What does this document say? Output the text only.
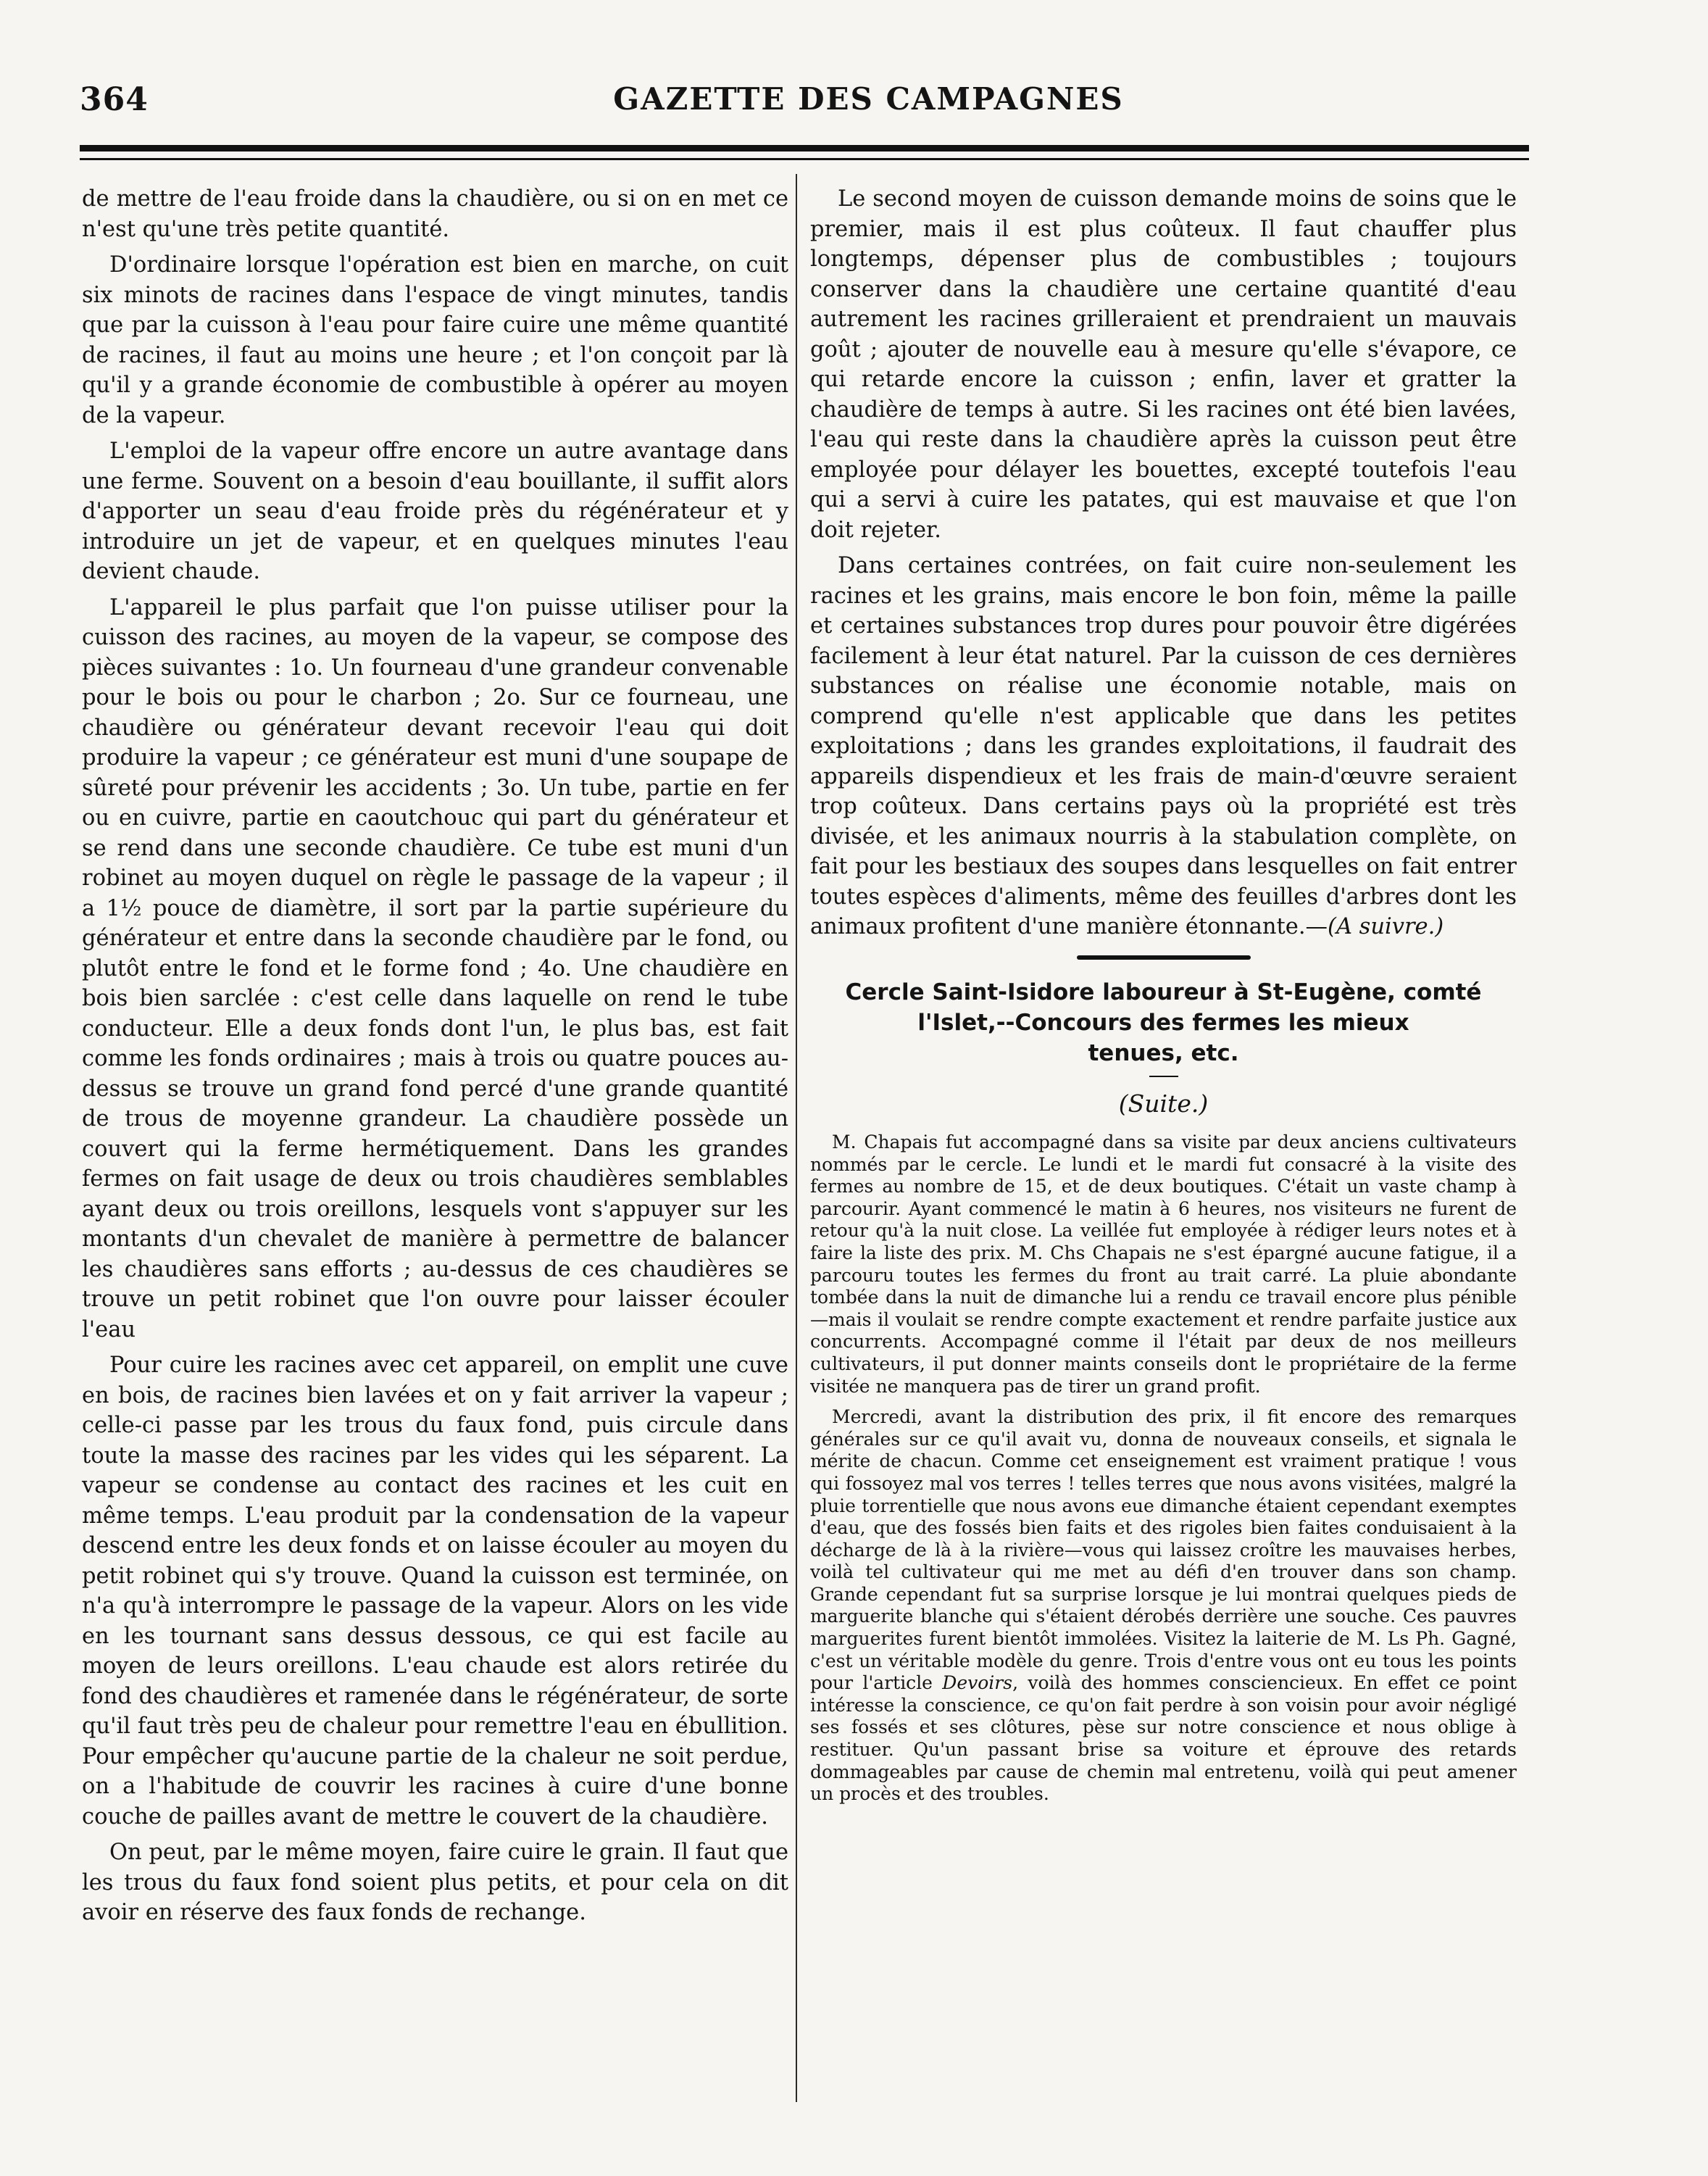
364	GAZETTE DES CAMPAGNES

de mettre de l'eau froide dans la chaudière, ou si on en met ce n'est qu'une très petite quantité.

D'ordinaire lorsque l'opération est bien en marche, on cuit six minots de racines dans l'espace de vingt minutes, tandis que par la cuisson à l'eau pour faire cuire une même quantité de racines, il faut au moins une heure ; et l'on conçoit par là qu'il y a grande économie de combustible à opérer au moyen de la vapeur.

L'emploi de la vapeur offre encore un autre avantage dans une ferme. Souvent on a besoin d'eau bouillante, il suffit alors d'apporter un seau d'eau froide près du régénérateur et y introduire un jet de vapeur, et en quelques minutes l'eau devient chaude.

L'appareil le plus parfait que l'on puisse utiliser pour la cuisson des racines, au moyen de la vapeur, se compose des pièces suivantes : 1o. Un fourneau d'une grandeur convenable pour le bois ou pour le charbon ; 2o. Sur ce fourneau, une chaudière ou générateur devant recevoir l'eau qui doit produire la vapeur ; ce générateur est muni d'une soupape de sûreté pour prévenir les accidents ; 3o. Un tube, partie en fer ou en cuivre, partie en caoutchouc qui part du générateur et se rend dans une seconde chaudière. Ce tube est muni d'un robinet au moyen duquel on règle le passage de la vapeur ; il a 1½ pouce de diamètre, il sort par la partie supérieure du générateur et entre dans la seconde chaudière par le fond, ou plutôt entre le fond et le forme fond ; 4o. Une chaudière en bois bien sarclée : c'est celle dans laquelle on rend le tube conducteur. Elle a deux fonds dont l'un, le plus bas, est fait comme les fonds ordinaires ; mais à trois ou quatre pouces au-dessus se trouve un grand fond percé d'une grande quantité de trous de moyenne grandeur. La chaudière possède un couvert qui la ferme hermétiquement. Dans les grandes fermes on fait usage de deux ou trois chaudières semblables ayant deux ou trois oreillons, lesquels vont s'appuyer sur les montants d'un chevalet de manière à permettre de balancer les chaudières sans efforts ; au-dessus de ces chaudières se trouve un petit robinet que l'on ouvre pour laisser écouler l'eau

Pour cuire les racines avec cet appareil, on emplit une cuve en bois, de racines bien lavées et on y fait arriver la vapeur ; celle-ci passe par les trous du faux fond, puis circule dans toute la masse des racines par les vides qui les séparent. La vapeur se condense au contact des racines et les cuit en même temps. L'eau produit par la condensation de la vapeur descend entre les deux fonds et on laisse écouler au moyen du petit robinet qui s'y trouve. Quand la cuisson est terminée, on n'a qu'à interrompre le passage de la vapeur. Alors on les vide en les tournant sans dessus dessous, ce qui est facile au moyen de leurs oreillons. L'eau chaude est alors retirée du fond des chaudières et ramenée dans le régénérateur, de sorte qu'il faut très peu de chaleur pour remettre l'eau en ébullition. Pour empêcher qu'aucune partie de la chaleur ne soit perdue, on a l'habitude de couvrir les racines à cuire d'une bonne couche de pailles avant de mettre le couvert de la chaudière.

On peut, par le même moyen, faire cuire le grain. Il faut que les trous du faux fond soient plus petits, et pour cela on dit avoir en réserve des faux fonds de rechange.

Le second moyen de cuisson demande moins de soins que le premier, mais il est plus coûteux. Il faut chauffer plus longtemps, dépenser plus de combustibles ; toujours conserver dans la chaudière une certaine quantité d'eau autrement les racines grilleraient et prendraient un mauvais goût ; ajouter de nouvelle eau à mesure qu'elle s'évapore, ce qui retarde encore la cuisson ; enfin, laver et gratter la chaudière de temps à autre. Si les racines ont été bien lavées, l'eau qui reste dans la chaudière après la cuisson peut être employée pour délayer les bouettes, excepté toutefois l'eau qui a servi à cuire les patates, qui est mauvaise et que l'on doit rejeter.

Dans certaines contrées, on fait cuire non-seulement les racines et les grains, mais encore le bon foin, même la paille et certaines substances trop dures pour pouvoir être digérées facilement à leur état naturel. Par la cuisson de ces dernières substances on réalise une économie notable, mais on comprend qu'elle n'est applicable que dans les petites exploitations ; dans les grandes exploitations, il faudrait des appareils dispendieux et les frais de main-d'œuvre seraient trop coûteux. Dans certains pays où la propriété est très divisée, et les animaux nourris à la stabulation complète, on fait pour les bestiaux des soupes dans lesquelles on fait entrer toutes espèces d'aliments, même des feuilles d'arbres dont les animaux profitent d'une manière étonnante.—(A suivre.)

Cercle Saint-Isidore laboureur à St-Eugène, comté
l'Islet,--Concours des fermes les mieux
tenues, etc.
(Suite.)

M. Chapais fut accompagné dans sa visite par deux anciens cultivateurs nommés par le cercle. Le lundi et le mardi fut consacré à la visite des fermes au nombre de 15, et de deux boutiques. C'était un vaste champ à parcourir. Ayant commencé le matin à 6 heures, nos visiteurs ne furent de retour qu'à la nuit close. La veillée fut employée à rédiger leurs notes et à faire la liste des prix. M. Chs Chapais ne s'est épargné aucune fatigue, il a parcouru toutes les fermes du front au trait carré. La pluie abondante tombée dans la nuit de dimanche lui a rendu ce travail encore plus pénible—mais il voulait se rendre compte exactement et rendre parfaite justice aux concurrents. Accompagné comme il l'était par deux de nos meilleurs cultivateurs, il put donner maints conseils dont le propriétaire de la ferme visitée ne manquera pas de tirer un grand profit.

Mercredi, avant la distribution des prix, il fit encore des remarques générales sur ce qu'il avait vu, donna de nouveaux conseils, et signala le mérite de chacun. Comme cet enseignement est vraiment pratique ! vous qui fossoyez mal vos terres ! telles terres que nous avons visitées, malgré la pluie torrentielle que nous avons eue dimanche étaient cependant exemptes d'eau, que des fossés bien faits et des rigoles bien faites conduisaient à la décharge de là à la rivière—vous qui laissez croître les mauvaises herbes, voilà tel cultivateur qui me met au défi d'en trouver dans son champ. Grande cependant fut sa surprise lorsque je lui montrai quelques pieds de marguerite blanche qui s'étaient dérobés derrière une souche. Ces pauvres marguerites furent bientôt immolées. Visitez la laiterie de M. Ls Ph. Gagné, c'est un véritable modèle du genre. Trois d'entre vous ont eu tous les points pour l'article Devoirs, voilà des hommes consciencieux. En effet ce point intéresse la conscience, ce qu'on fait perdre à son voisin pour avoir négligé ses fossés et ses clôtures, pèse sur notre conscience et nous oblige à restituer. Qu'un passant brise sa voiture et éprouve des retards dommageables par cause de chemin mal entretenu, voilà qui peut amener un procès et des troubles.
